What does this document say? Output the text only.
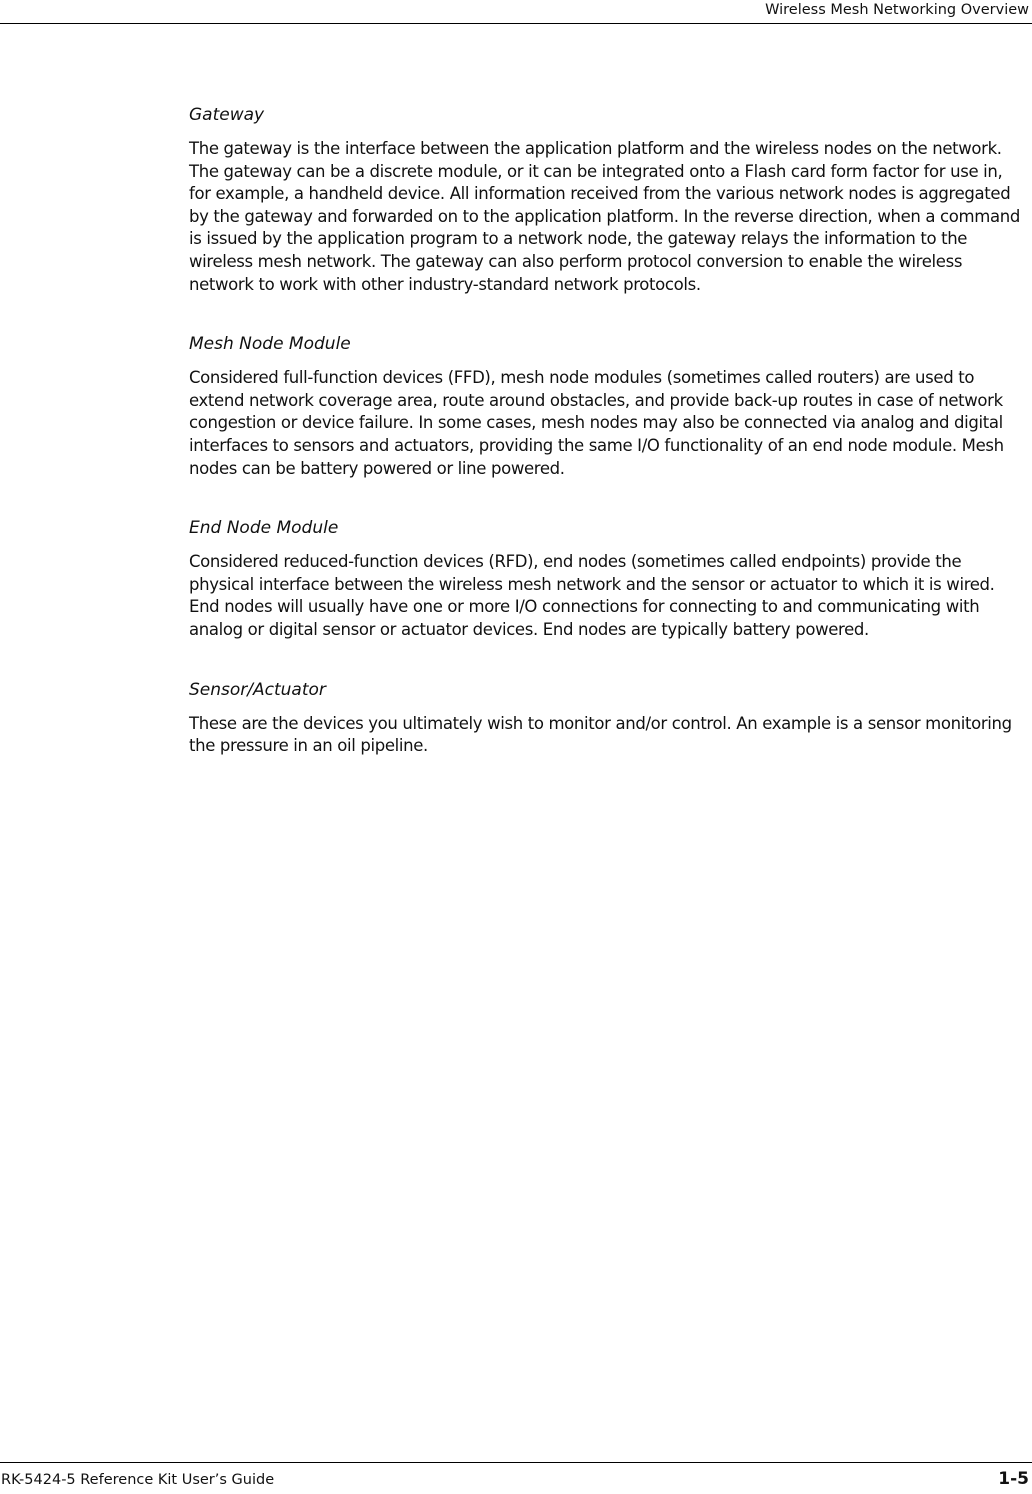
Wireless Mesh Networking Overview
Gateway

The gateway is the interface between the application platform and the wireless nodes on the network. The gateway can be a discrete module, or it can be integrated onto a Flash card form factor for use in, for example, a handheld device. All information received from the various network nodes is aggregated by the gateway and forwarded on to the application platform. In the reverse direction, when a command is issued by the application program to a network node, the gateway relays the information to the wireless mesh network. The gateway can also perform protocol conversion to enable the wireless network to work with other industry-standard network protocols.

Mesh Node Module

Considered full-function devices (FFD), mesh node modules (sometimes called routers) are used to extend network coverage area, route around obstacles, and provide back-up routes in case of network congestion or device failure. In some cases, mesh nodes may also be connected via analog and digital interfaces to sensors and actuators, providing the same I/O functionality of an end node module. Mesh nodes can be battery powered or line powered.

End Node Module

Considered reduced-function devices (RFD), end nodes (sometimes called endpoints) provide the physical interface between the wireless mesh network and the sensor or actuator to which it is wired. End nodes will usually have one or more I/O connections for connecting to and communicating with analog or digital sensor or actuator devices. End nodes are typically battery powered.

Sensor/Actuator

These are the devices you ultimately wish to monitor and/or control. An example is a sensor monitoring the pressure in an oil pipeline.

RK-5424-5 Reference Kit User’s Guide	1-5
